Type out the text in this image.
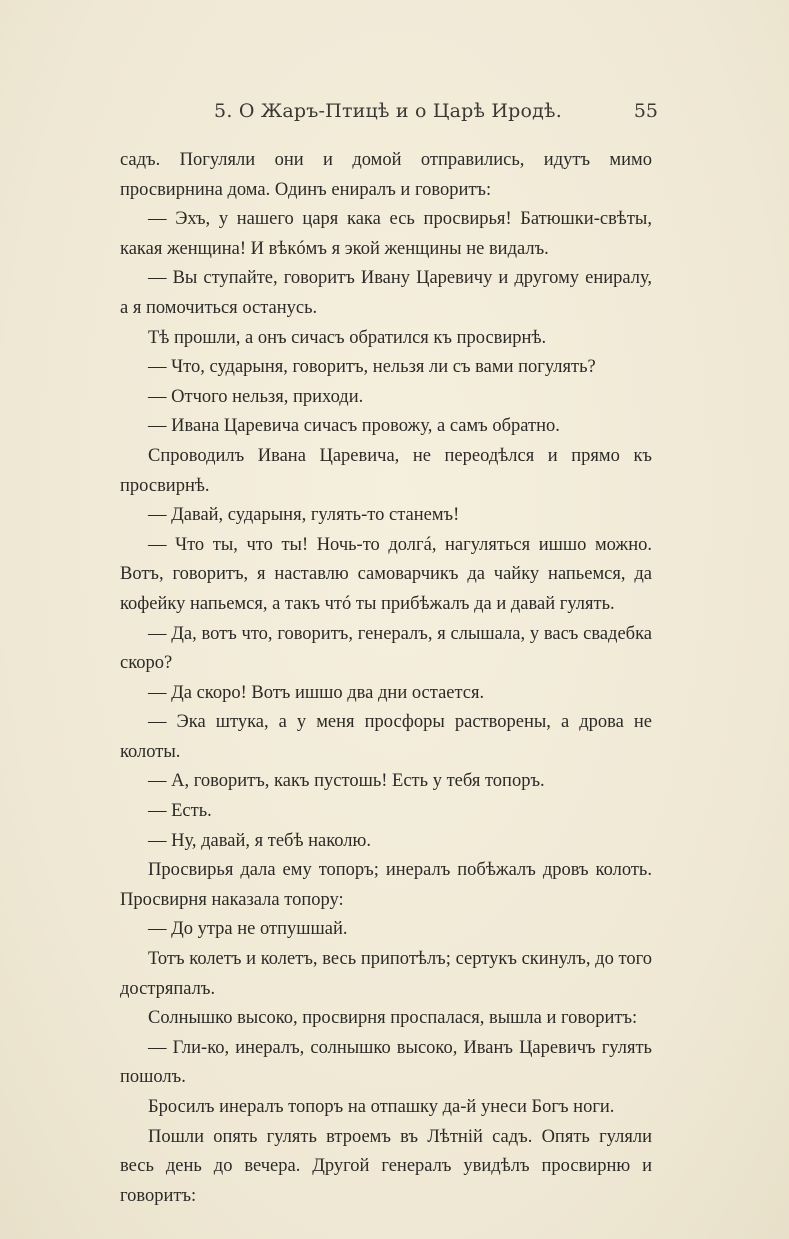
5. О Жаръ-Птицѣ и о Царѣ Иродѣ.	55

садъ. Погуляли они и домой отправились, идутъ мимо просвирнина дома. Одинъ ениралъ и говоритъ:

— Эхъ, у нашего царя кака есь просвирья! Батюшки-свѣты, какая женщина! И вѣкóмъ я экой женщины не видалъ.

— Вы ступайте, говоритъ Ивану Царевичу и другому ениралу, а я помочиться останусь.

Тѣ прошли, а онъ сичасъ обратился къ просвирнѣ.

— Что, сударыня, говоритъ, нельзя ли съ вами погулять?

— Отчого нельзя, приходи.

— Ивана Царевича сичасъ провожу, а самъ обратно.

Спроводилъ Ивана Царевича, не переодѣлся и прямо къ просвирнѣ.

— Давай, сударыня, гулять-то станемъ!

— Что ты, что ты! Ночь-то долгá, нагуляться ишшо можно. Вотъ, говоритъ, я наставлю самоварчикъ да чайку напьемся, да кофейку напьемся, а такъ чтó ты прибѣжалъ да и давай гулять.

— Да, вотъ что, говоритъ, генералъ, я слышала, у васъ свадебка скоро?

— Да скоро! Вотъ ишшо два дни остается.

— Эка штука, а у меня просфоры растворены, а дрова не колоты.

— А, говоритъ, какъ пустошь! Есть у тебя топоръ.

— Есть.

— Ну, давай, я тебѣ наколю.

Просвирья дала ему топоръ; инералъ побѣжалъ дровъ колоть. Просвирня наказала топору:

— До утра не отпушшай.

Тотъ колетъ и колетъ, весь припотѣлъ; сертукъ скинулъ, до того достряпалъ.

Солнышко высоко, просвирня проспалася, вышла и говоритъ:

— Гли-ко, инералъ, солнышко высоко, Иванъ Царевичъ гулять пошолъ.

Бросилъ инералъ топоръ на отпашку да-й унеси Богъ ноги.

Пошли опять гулять втроемъ въ Лѣтній садъ. Опять гуляли весь день до вечера. Другой генералъ увидѣлъ просвирню и говоритъ:
